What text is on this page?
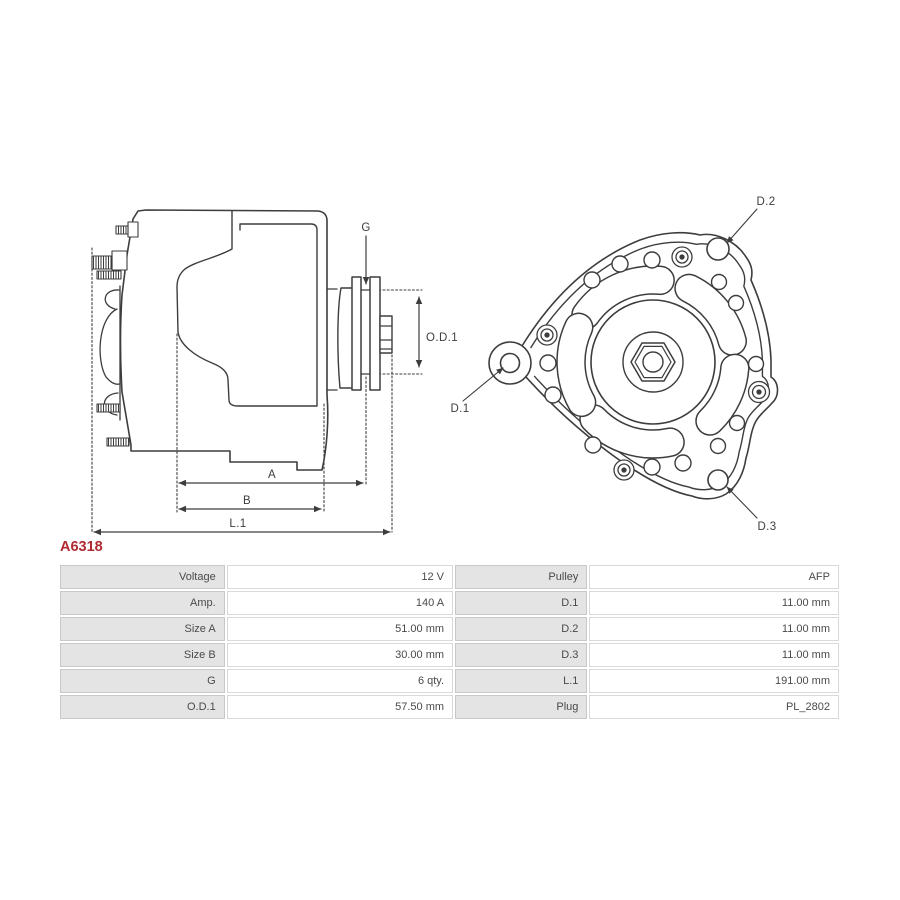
G
O.D.1
A
B
L.1
D.1
D.2
D.3
A6318
Voltage	12 V	Pulley	AFP
Amp.	140 A	D.1	11.00 mm
Size A	51.00 mm	D.2	11.00 mm
Size B	30.00 mm	D.3	11.00 mm
G	6 qty.	L.1	191.00 mm
O.D.1	57.50 mm	Plug	PL_2802
